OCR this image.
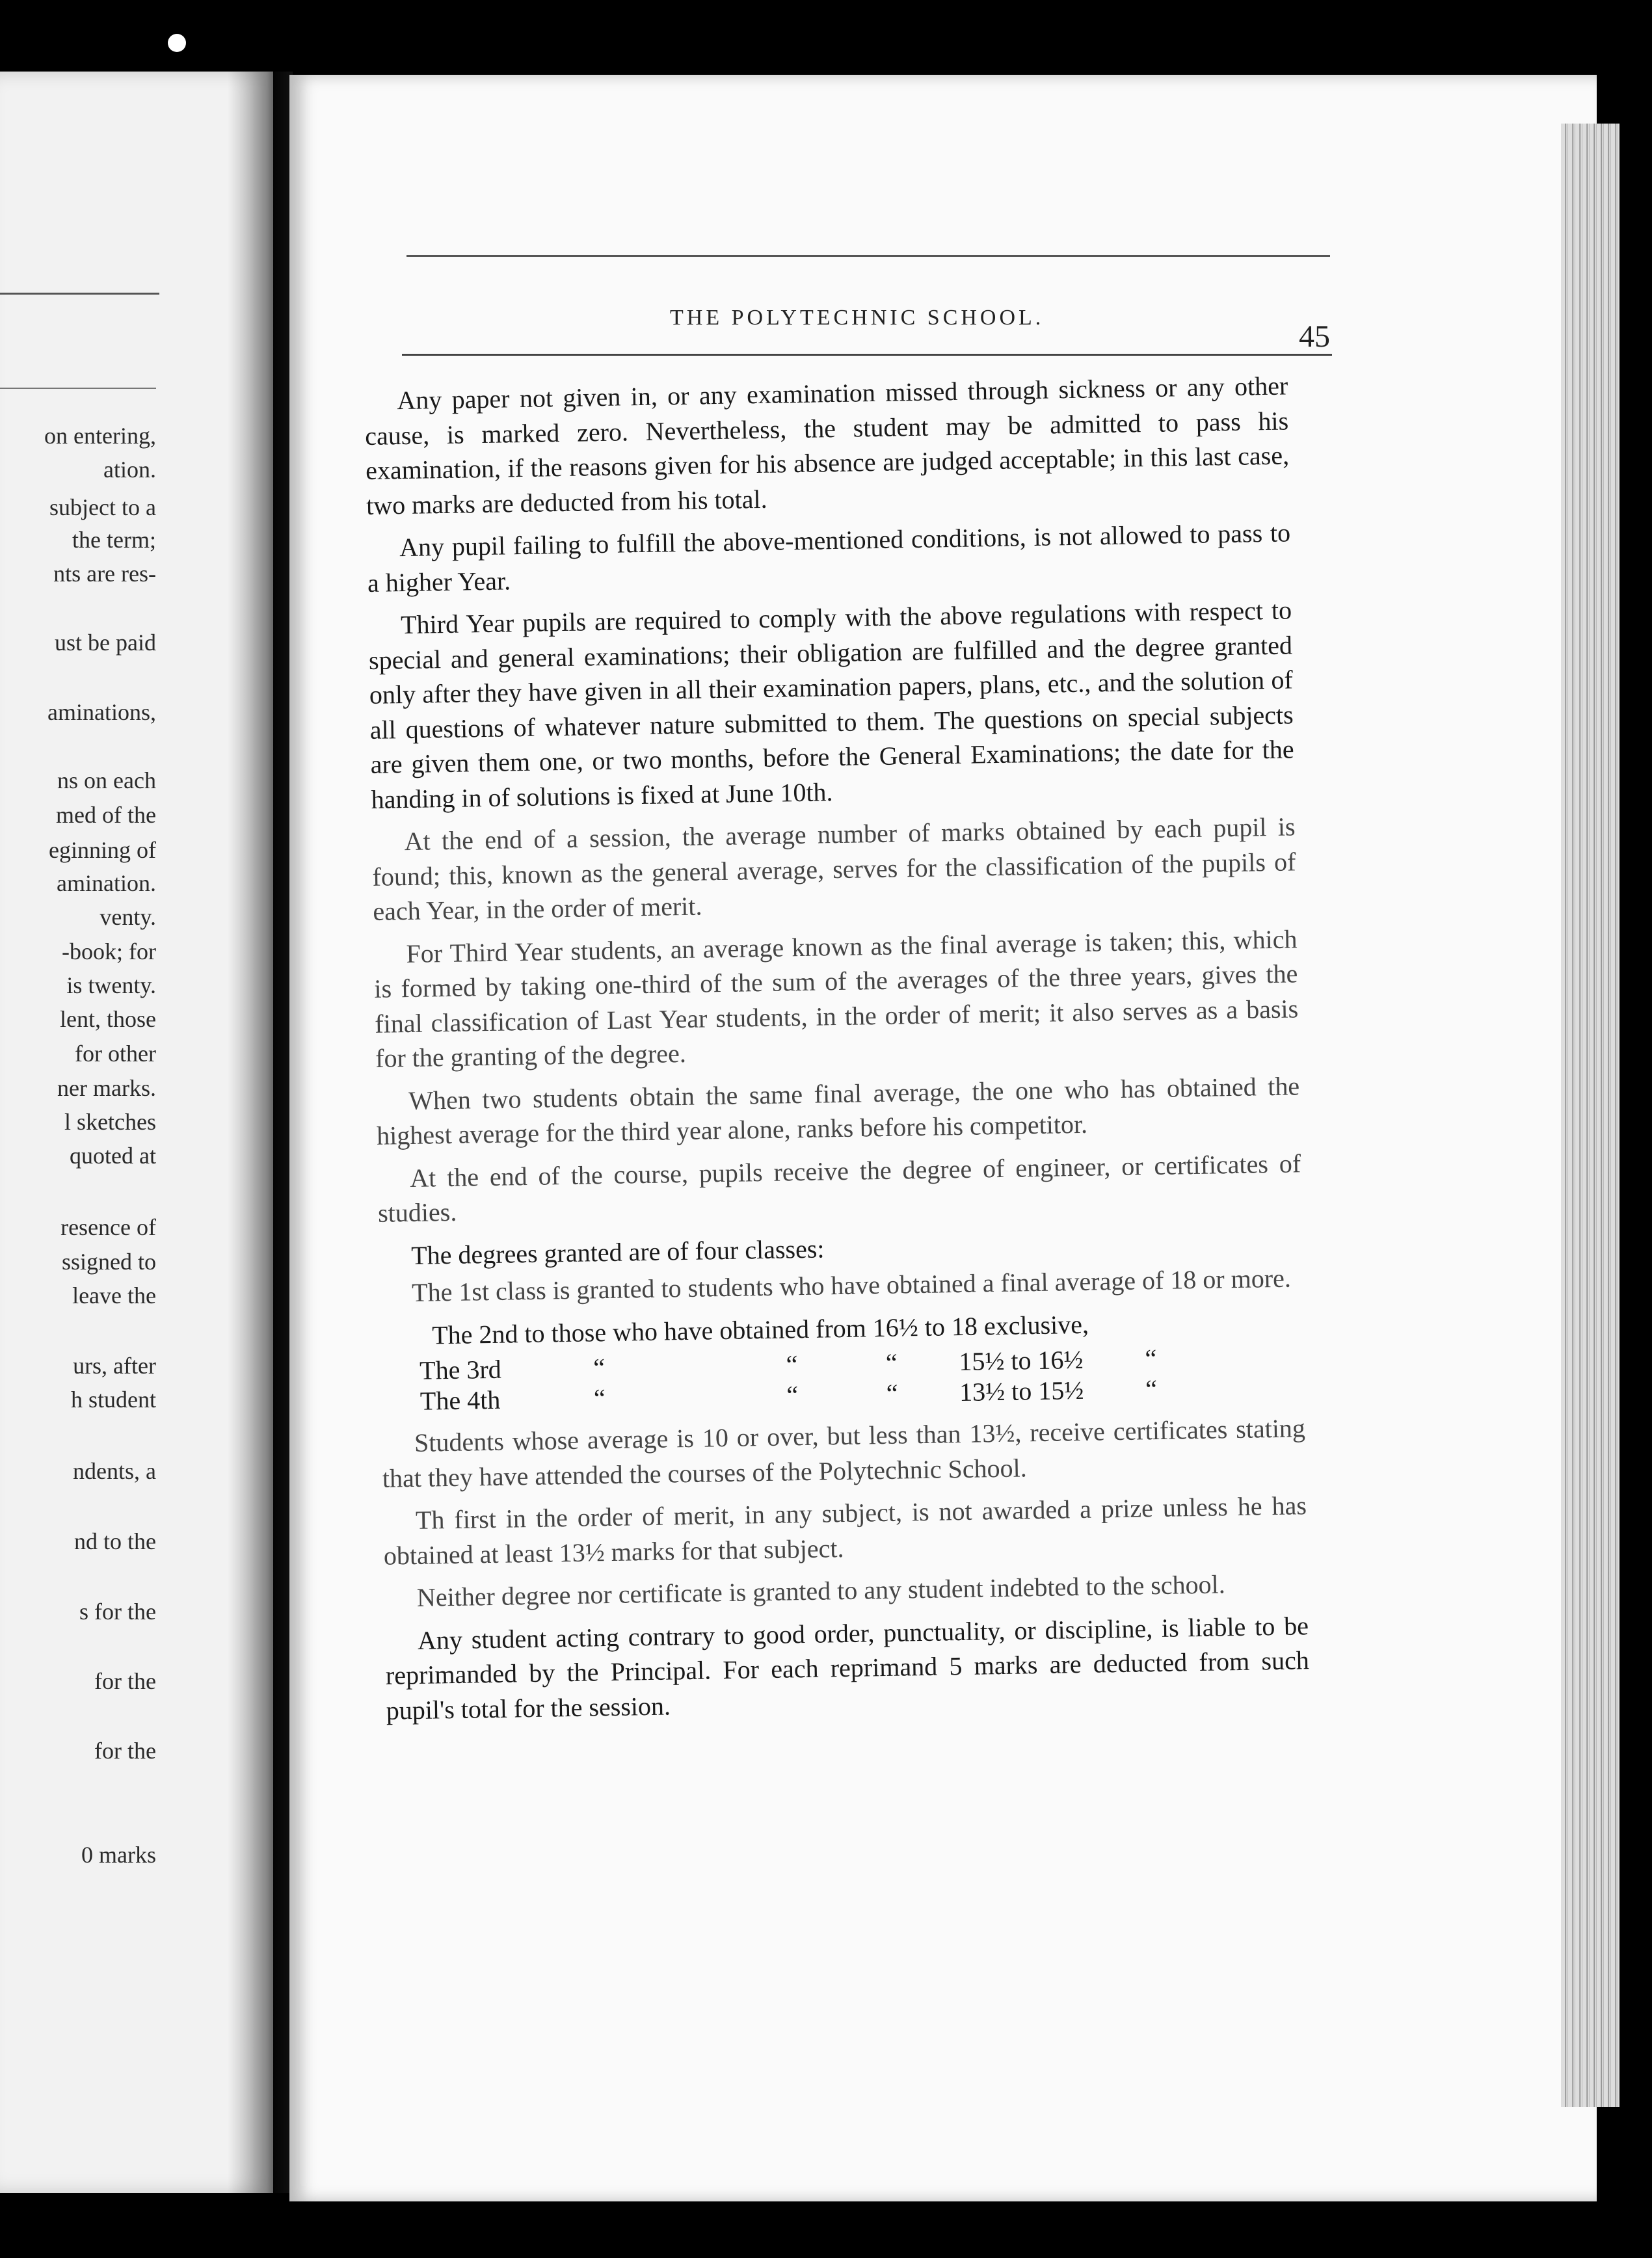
on entering,
ation.
subject to a
the term;
nts are res-
ust be paid
aminations,
ns on each
med of the
eginning of
amination.
venty.
-book; for
is twenty.
lent, those
for other
ner marks.
l sketches
quoted at
resence of
ssigned to
leave the
urs, after
h student
ndents, a
nd to the
s for the
for the
for the
0 marks
THE POLYTECHNIC SCHOOL.
45

Any paper not given in, or any examination missed through sickness or any other cause, is marked zero. Nevertheless, the student may be admitted to pass his examination, if the reasons given for his absence are judged acceptable; in this last case, two marks are deducted from his total.

Any pupil failing to fulfill the above-mentioned conditions, is not allowed to pass to a higher Year.

Third Year pupils are required to comply with the above regulations with respect to special and general examinations; their obligation are fulfilled and the degree granted only after they have given in all their examination papers, plans, etc., and the solution of all questions of whatever nature submitted to them. The questions on special subjects are given them one, or two months, before the General Examinations; the date for the handing in of solutions is fixed at June 10th.

At the end of a session, the average number of marks obtained by each pupil is found; this, known as the general average, serves for the classification of the pupils of each Year, in the order of merit.

For Third Year students, an average known as the final average is taken; this, which is formed by taking one-third of the sum of the averages of the three years, gives the final classification of Last Year students, in the order of merit; it also serves as a basis for the granting of the degree.

When two students obtain the same final average, the one who has obtained the highest average for the third year alone, ranks before his competitor.

At the end of the course, pupils receive the degree of engineer, or certificates of studies.

The degrees granted are of four classes:

The 1st class is granted to students who have obtained a final average of 18 or more.

The 2nd to those who have obtained from 16½ to 18 exclusive,

The 3rd	“	“	“	15½ to 16½	“
The 4th	“	“	“	13½ to 15½	“

Students whose average is 10 or over, but less than 13½, receive certificates stating that they have attended the courses of the Polytechnic School.

Th first in the order of merit, in any subject, is not awarded a prize unless he has obtained at least 13½ marks for that subject.

Neither degree nor certificate is granted to any student indebted to the school.

Any student acting contrary to good order, punctuality, or discipline, is liable to be reprimanded by the Principal. For each reprimand 5 marks are deducted from such pupil's total for the session.
